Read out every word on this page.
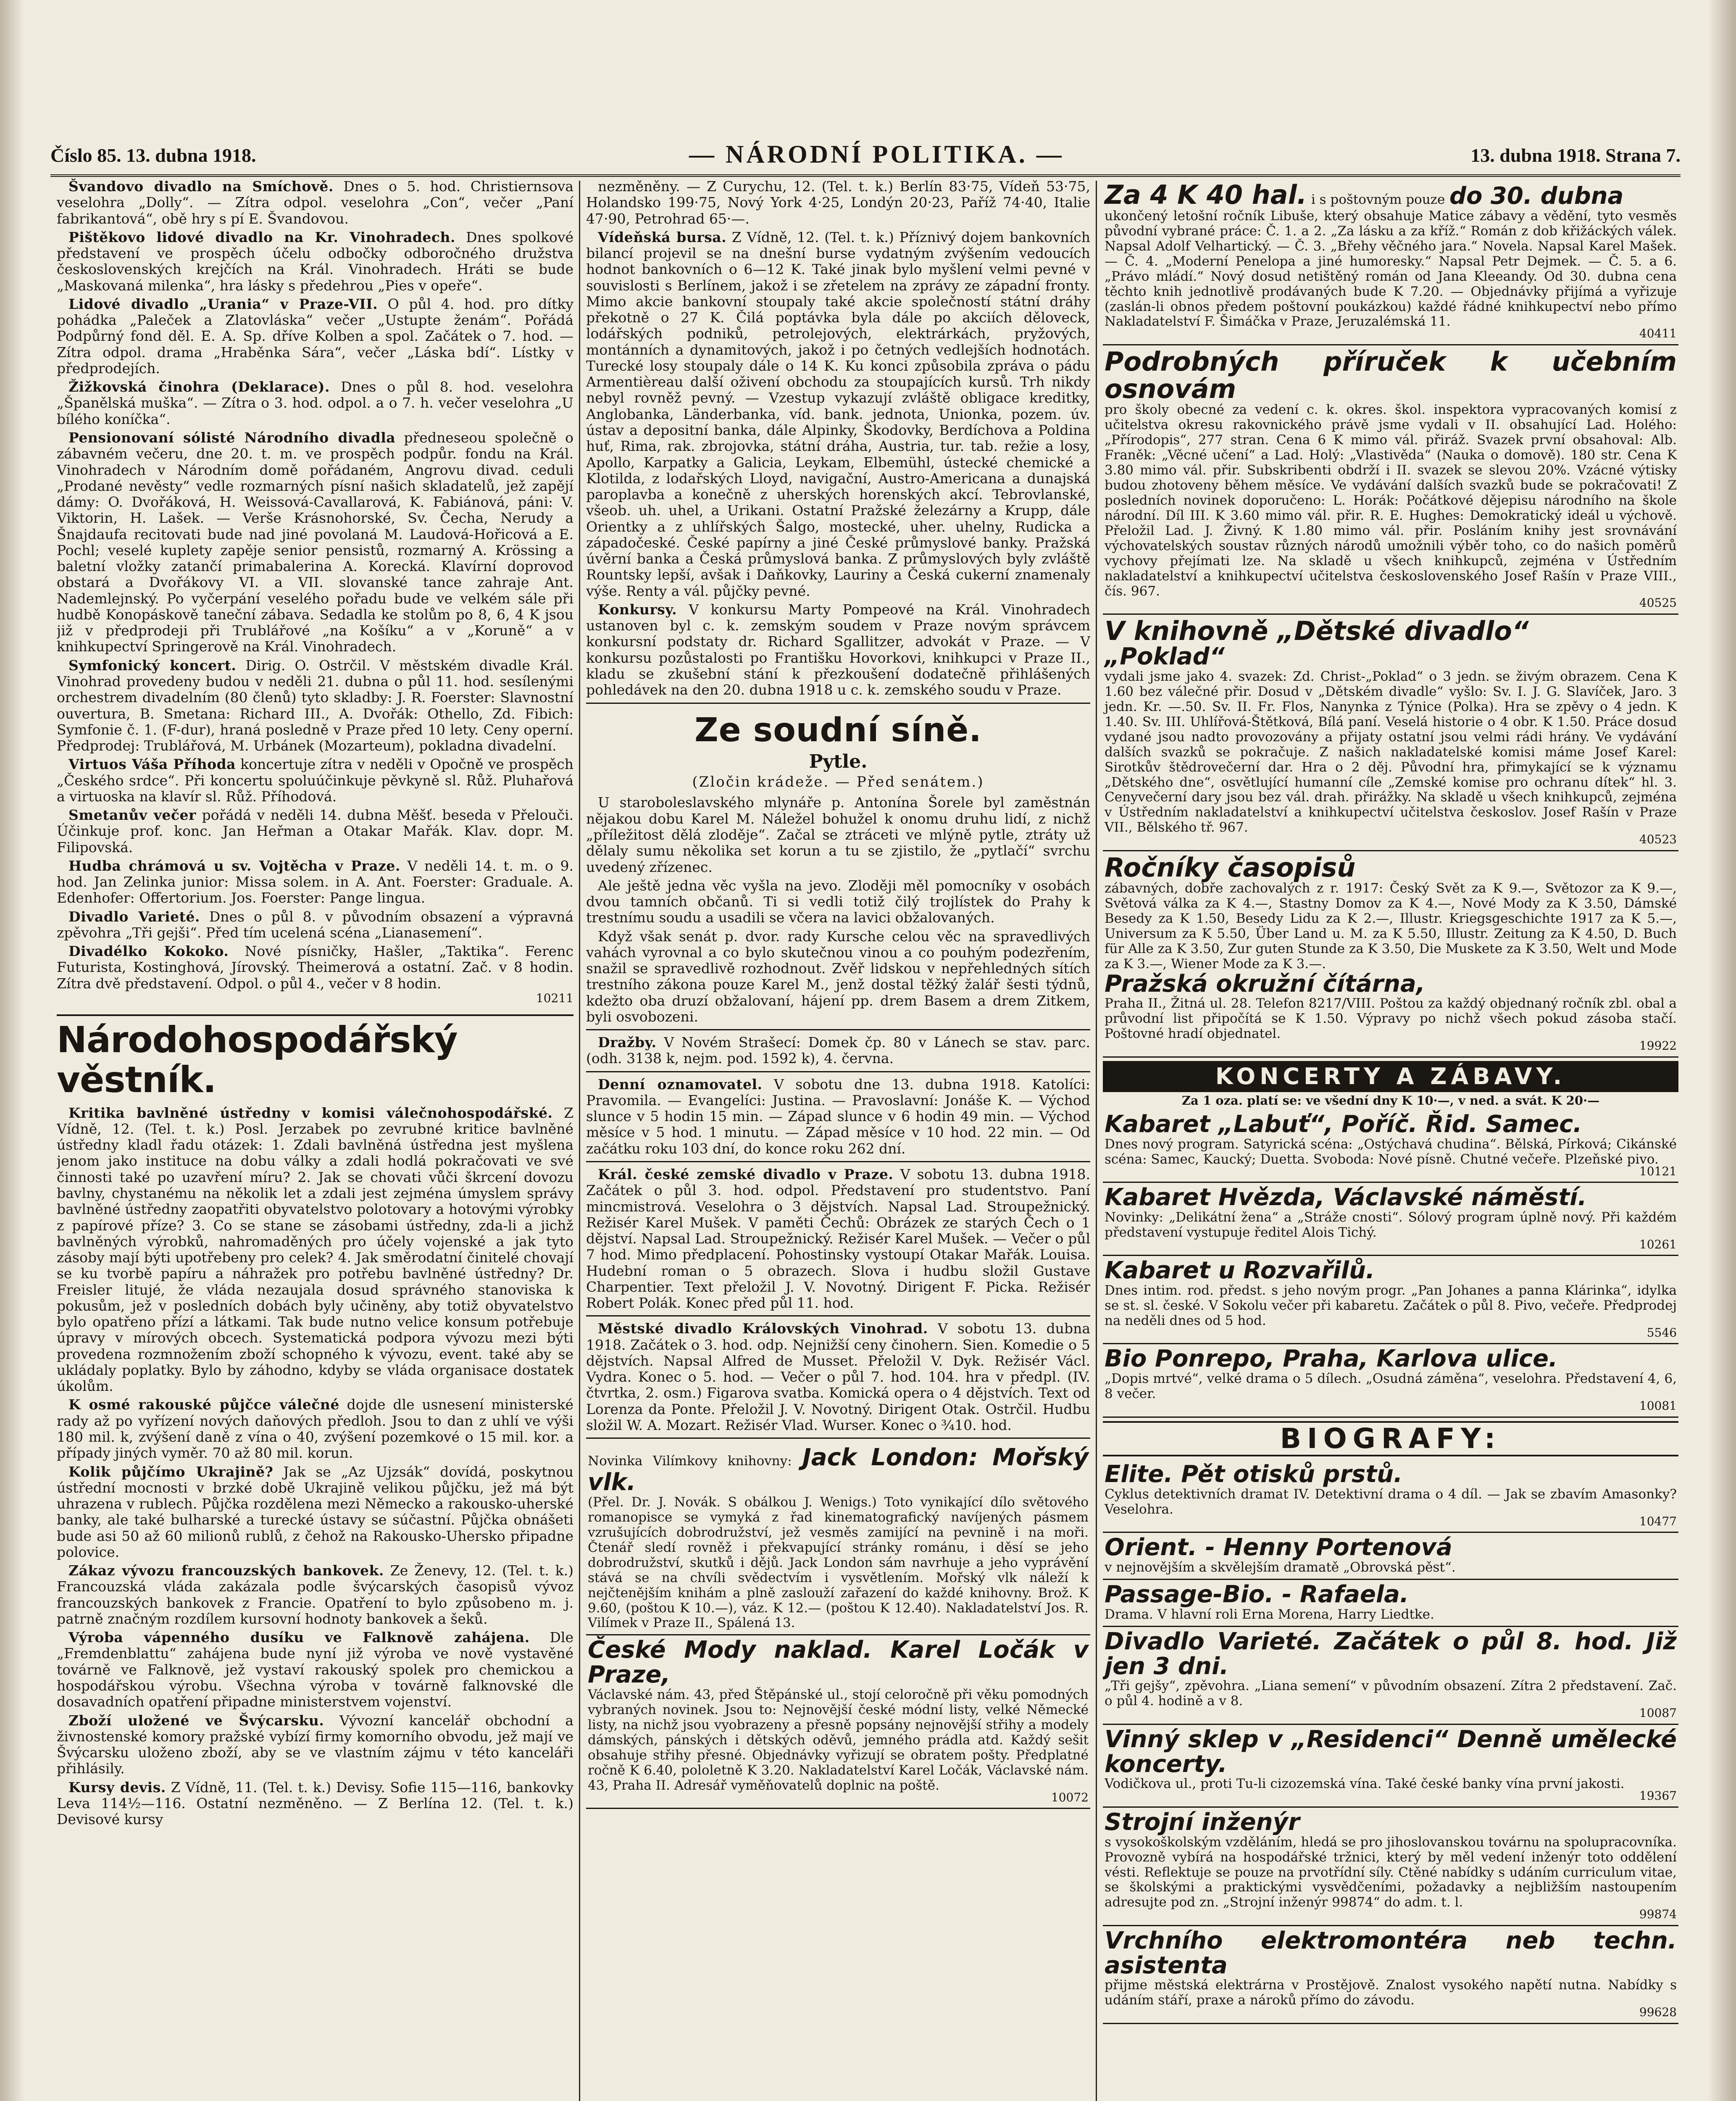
Číslo 85. 13. dubna 1918.	— NÁRODNÍ POLITIKA. —	13. dubna 1918. Strana 7.

Švandovo divadlo na Smíchově. Dnes o 5. hod. Christiernsova veselohra „Dolly“. — Zítra odpol. veselohra „Con“, večer „Paní fabrikantová“, obě hry s pí E. Švandovou.

Pištěkovo lidové divadlo na Kr. Vinohradech. Dnes spolkové představení ve prospěch účelu odbočky odboročného družstva československých krejčích na Král. Vinohradech. Hráti se bude „Maskovaná milenka“, hra lásky s předehrou „Pies v opeře“.

Lidové divadlo „Urania“ v Praze-VII. O půl 4. hod. pro dítky pohádka „Paleček a Zlatovláska“ večer „Ustupte ženám“. Pořádá Podpůrný fond děl. E. A. Sp. dříve Kolben a spol. Začátek o 7. hod. — Zítra odpol. drama „Hraběnka Sára“, večer „Láska bdí“. Lístky v předprodejích.

Žižkovská činohra (Deklarace). Dnes o půl 8. hod. veselohra „Španělská muška“. — Zítra o 3. hod. odpol. a o 7. h. večer veselohra „U bílého koníčka“.

Pensionovaní sólisté Národního divadla předneseou společně o zábavném večeru, dne 20. t. m. ve prospěch podpůr. fondu na Král. Vinohradech v Národním domě pořádaném, Angrovu divad. ceduli „Prodané nevěsty“ vedle rozmarných písní našich skladatelů, jež zapějí dámy: O. Dvořáková, H. Weissová-Cavallarová, K. Fabiánová, páni: V. Viktorin, H. Lašek. — Verše Krásnohorské, Sv. Čecha, Nerudy a Šnajdaufa recitovati bude nad jiné povolaná M. Laudová-Hořicová a E. Pochl; veselé kuplety zapěje senior pensistů, rozmarný A. Krössing a baletní vložky zatančí primabalerina A. Korecká. Klavírní doprovod obstará a Dvořákovy VI. a VII. slovanské tance zahraje Ant. Nademlejnský. Po vyčerpání veselého pořadu bude ve velkém sále při hudbě Konopáskově taneční zábava. Sedadla ke stolům po 8, 6, 4 K jsou již v předprodeji při Trublářové „na Košíku“ a v „Koruně“ a v knihkupectví Springerově na Král. Vinohradech.

Symfonický koncert. Dirig. O. Ostrčil. V městském divadle Král. Vinohrad provedeny budou v neděli 21. dubna o půl 11. hod. sesílenými orchestrem divadelním (80 členů) tyto skladby: J. R. Foerster: Slavnostní ouvertura, B. Smetana: Richard III., A. Dvořák: Othello, Zd. Fibich: Symfonie č. 1. (F-dur), hraná posledně v Praze před 10 lety. Ceny operní. Předprodej: Trublářová, M. Urbánek (Mozarteum), pokladna divadelní.

Virtuos Váša Příhoda koncertuje zítra v neděli v Opočně ve prospěch „Českého srdce“. Při koncertu spoluúčinkuje pěvkyně sl. Růž. Pluhařová a virtuoska na klavír sl. Růž. Příhodová.

Smetanův večer pořádá v neděli 14. dubna Měšť. beseda v Přelouči. Účinkuje prof. konc. Jan Heřman a Otakar Mařák. Klav. dopr. M. Filipovská.

Hudba chrámová u sv. Vojtěcha v Praze. V neděli 14. t. m. o 9. hod. Jan Zelinka junior: Missa solem. in A. Ant. Foerster: Graduale. A. Edenhofer: Offertorium. Jos. Foerster: Pange lingua.

Divadlo Varieté. Dnes o půl 8. v původním obsazení a výpravná zpěvohra „Tři gejši“. Před tím ucelená scéna „Lianasemení“.

Divadélko Kokoko. Nové písničky, Hašler, „Taktika“. Ferenc Futurista, Kostinghová, Jírovský. Theimerová a ostatní. Zač. v 8 hodin. Zítra dvě představení. Odpol. o půl 4., večer v 8 hodin.

10211
Národohospodářský věstník.

Kritika bavlněné ústředny v komisi válečnohospodářské. Z Vídně, 12. (Tel. t. k.) Posl. Jerzabek po zevrubné kritice bavlněné ústředny kladl řadu otázek: 1. Zdali bavlněná ústředna jest myšlena jenom jako instituce na dobu války a zdali hodlá pokračovati ve své činnosti také po uzavření míru? 2. Jak se chovati vůči škrcení dovozu bavlny, chystanému na několik let a zdali jest zejména úmyslem správy bavlněné ústředny zaopatřiti obyvatelstvo polotovary a hotovými výrobky z papírové příze? 3. Co se stane se zásobami ústředny, zda-li a jichž bavlněných výrobků, nahromaděných pro účely vojenské a jak tyto zásoby mají býti upotřebeny pro celek? 4. Jak směrodatní činitelé chovají se ku tvorbě papíru a náhražek pro potřebu bavlněné ústředny? Dr. Freisler litujé, že vláda nezaujala dosud správného stanoviska k pokusům, jež v posledních dobách byly učiněny, aby totiž obyvatelstvo bylo opatřeno přízí a látkami. Tak bude nutno velice konsum potřebuje úpravy v mírových obcech. Systematická podpora vývozu mezi býti provedena rozmnožením zboží schopného k vývozu, event. také aby se ukládaly poplatky. Bylo by záhodno, kdyby se vláda organisace dostatek úkolům.

K osmé rakouské půjčce válečné dojde dle usnesení ministerské rady až po vyřízení nových daňových předloh. Jsou to dan z uhlí ve výši 180 mil. k, zvýšení daně z vína o 40, zvýšení pozemkové o 15 mil. kor. a případy jiných vyměr. 70 až 80 mil. korun.

Kolik půjčímo Ukrajině? Jak se „Az Ujzsák“ dovídá, poskytnou ústřední mocnosti v brzké době Ukrajině velikou půjčku, jež má být uhrazena v rublech. Půjčka rozdělena mezi Německo a rakousko-uherské banky, ale také bulharské a turecké ústavy se súčastní. Půjčka obnášeti bude asi 50 až 60 milionů rublů, z čehož na Rakousko-Uhersko připadne polovice.

Zákaz vývozu francouzských bankovek. Ze Ženevy, 12. (Tel. t. k.) Francouzská vláda zakázala podle švýcarských časopisů vývoz francouzských bankovek z Francie. Opatření to bylo způsobeno m. j. patrně značným rozdílem kursovní hodnoty bankovek a šeků.

Výroba vápenného dusíku ve Falknově zahájena. Dle „Fremdenblattu“ zahájena bude nyní již výroba ve nově vystavěné továrně ve Falknově, jež vystaví rakouský spolek pro chemickou a hospodářskou výrobu. Všechna výroba v továrně falknovské dle dosavadních opatření připadne ministerstvem vojenství.

Zboží uložené ve Švýcarsku. Vývozní kancelář obchodní a živnostenské komory pražské vybízí firmy komorního obvodu, jež mají ve Švýcarsku uloženo zboží, aby se ve vlastním zájmu v této kanceláři přihlásily.

Kursy devis. Z Vídně, 11. (Tel. t. k.) Devisy. Sofie 115—116, bankovky Leva 114½—116. Ostatní nezměněno. — Z Berlína 12. (Tel. t. k.) Devisové kursy

nezměněny. — Z Curychu, 12. (Tel. t. k.) Berlín 83·75, Vídeň 53·75, Holandsko 199·75, Nový York 4·25, Londýn 20·23, Paříž 74·40, Italie 47·90, Petrohrad 65·—.

Vídeňská bursa. Z Vídně, 12. (Tel. t. k.) Příznivý dojem bankovních bilancí projevil se na dnešní burse vydatným zvýšením vedoucích hodnot bankovních o 6—12 K. Také jinak bylo myšlení velmi pevné v souvislosti s Berlínem, jakož i se zřetelem na zprávy ze západní fronty. Mimo akcie bankovní stoupaly také akcie společností státní dráhy překotně o 27 K. Čilá poptávka byla dále po akciích děloveck, lodářských podniků, petrolejových, elektrárkách, pryžových, montánních a dynamitových, jakož i po četných vedlejších hodnotách. Turecké losy stoupaly dále o 14 K. Ku konci způsobila zpráva o pádu Armentièreau další oživení obchodu za stoupajících kursů. Trh nikdy nebyl rovněž pevný. — Vzestup vykazují zvláště obligace kreditky, Anglobanka, Länderbanka, víd. bank. jednota, Unionka, pozem. úv. ústav a depositní banka, dále Alpinky, Škodovky, Berdíchova a Poldina huť, Rima, rak. zbrojovka, státní dráha, Austria, tur. tab. režie a losy, Apollo, Karpatky a Galicia, Leykam, Elbemühl, ústecké chemické a Klotilda, z lodařských Lloyd, navigační, Austro-Americana a dunajská paroplavba a konečně z uherských horenských akcí. Tebrovlanské, všeob. uh. uhel, a Urikani. Ostatní Pražské železárny a Krupp, dále Orientky a z uhlířských Šalgo, mostecké, uher. uhelny, Rudicka a západočeské. České papírny a jiné České průmyslové banky. Pražská úvěrní banka a Česká průmyslová banka. Z průmyslových byly zvláště Rountsky lepší, avšak i Daňkovky, Lauriny a Česká cukerní znamenaly výše. Renty a vál. půjčky pevné.

Konkursy. V konkursu Marty Pompeové na Král. Vinohradech ustanoven byl c. k. zemským soudem v Praze novým správcem konkursní podstaty dr. Richard Sgallitzer, advokát v Praze. — V konkursu pozůstalosti po Františku Hovorkovi, knihkupci v Praze II., kladu se zkušební stání k přezkoušení dodatečně přihlášených pohledávek na den 20. dubna 1918 u c. k. zemského soudu v Praze.

Ze soudní síně.
Pytle.
(Zločin krádeže. — Před senátem.)

U staroboleslavského mlynáře p. Antonína Šorele byl zaměstnán nějakou dobu Karel M. Náležel bohužel k onomu druhu lidí, z nichž „příležitost dělá zloděje“. Začal se ztráceti ve mlýně pytle, ztráty už dělaly sumu několika set korun a tu se zjistilo, že „pytlačí“ svrchu uvedený zřízenec.

Ale ještě jedna věc vyšla na jevo. Zloději měl pomocníky v osobách dvou tamních občanů. Ti si vedli totiž čilý trojlístek do Prahy k trestnímu soudu a usadili se včera na lavici obžalovaných.

Když však senát p. dvor. rady Kursche celou věc na spravedlivých vahách vyrovnal a co bylo skutečnou vinou a co pouhým podezřením, snažil se spravedlivě rozhodnout. Zvěř lidskou v nepřehledných sítích trestního zákona pouze Karel M., jenž dostal těžký žalář šesti týdnů, kdežto oba druzí obžalovaní, hájení pp. drem Basem a drem Zitkem, byli osvobozeni.

Dražby. V Novém Strašecí: Domek čp. 80 v Lánech se stav. parc. (odh. 3138 k, nejm. pod. 1592 k), 4. června.

Denní oznamovatel. V sobotu dne 13. dubna 1918. Katolíci: Pravomila. — Evangelíci: Justina. — Pravoslavní: Jonáše K. — Východ slunce v 5 hodin 15 min. — Západ slunce v 6 hodin 49 min. — Východ měsíce v 5 hod. 1 minutu. — Západ měsíce v 10 hod. 22 min. — Od začátku roku 103 dní, do konce roku 262 dní.

Král. české zemské divadlo v Praze. V sobotu 13. dubna 1918. Začátek o půl 3. hod. odpol. Představení pro studentstvo. Paní mincmistrová. Veselohra o 3 dějstvích. Napsal Lad. Stroupežnický. Režisér Karel Mušek. V paměti Čechů: Obrázek ze starých Čech o 1 dějství. Napsal Lad. Stroupežnický. Režisér Karel Mušek. — Večer o půl 7 hod. Mimo předplacení. Pohostinsky vystoupí Otakar Mařák. Louisa. Hudební roman o 5 obrazech. Slova i hudbu složil Gustave Charpentier. Text přeložil J. V. Novotný. Dirigent F. Picka. Režisér Robert Polák. Konec před půl 11. hod.

Městské divadlo Královských Vinohrad. V sobotu 13. dubna 1918. Začátek o 3. hod. odp. Nejnižší ceny činohern. Sien. Komedie o 5 dějstvích. Napsal Alfred de Musset. Přeložil V. Dyk. Režisér Václ. Vydra. Konec o 5. hod. — Večer o půl 7. hod. 104. hra v předpl. (IV. čtvrtka, 2. osm.) Figarova svatba. Komická opera o 4 dějstvích. Text od Lorenza da Ponte. Přeložil J. V. Novotný. Dirigent Otak. Ostrčil. Hudbu složil W. A. Mozart. Režisér Vlad. Wurser. Konec o ¾10. hod.

Novinka Vilímkovy knihovny: Jack London: Mořský vlk.

(Přel. Dr. J. Novák. S obálkou J. Wenigs.) Toto vynikající dílo světového romanopisce se vymyká z řad kinematografický navíjených pásmem vzrušujících dobrodružství, jež vesměs zamijící na pevnině i na moři. Čtenář sledí rovněž i překvapující stránky románu, i děsí se jeho dobrodružství, skutků i dějů. Jack London sám navrhuje a jeho vyprávění stává se na chvíli svědectvím i vysvětlením. Mořský vlk náleží k nejčtenějším knihám a plně zaslouží zařazení do každé knihovny. Brož. K 9.60, (poštou K 10.—), váz. K 12.— (poštou K 12.40). Nakladatelství Jos. R. Vilímek v Praze II., Spálená 13.

České Mody naklad. Karel Ločák v Praze,

Václavské nám. 43, před Štěpánské ul., stojí celoročně při věku pomodných vybraných novinek. Jsou to: Nejnovější české módní listy, velké Německé listy, na nichž jsou vyobrazeny a přesně popsány nejnovější střihy a modely dámských, pánských i dětských oděvů, jemného prádla atd. Každý sešit obsahuje střihy přesné. Objednávky vyřizují se obratem pošty. Předplatné ročně K 6.40, pololetně K 3.20. Nakladatelství Karel Ločák, Václavské nám. 43, Praha II. Adresář vyměňovatelů doplnic na poště.

10072

Za 4 K 40 hal. i s poštovným pouze do 30. dubna

ukončený letošní ročník Libuše, který obsahuje Matice zábavy a vědění, tyto vesměs původní vybrané práce: Č. 1. a 2. „Za lásku a za kříž.“ Román z dob křižáckých válek. Napsal Adolf Velhartický. — Č. 3. „Břehy věčného jara.“ Novela. Napsal Karel Mašek. — Č. 4. „Moderní Penelopa a jiné humoresky.“ Napsal Petr Dejmek. — Č. 5. a 6. „Právo mládí.“ Nový dosud netištěný román od Jana Kleeandy. Od 30. dubna cena těchto knih jednotlivě prodávaných bude K 7.20. — Objednávky přijímá a vyřizuje (zaslán-li obnos předem poštovní poukázkou) každé řádné knihkupectví nebo přímo Nakladatelství F. Šimáčka v Praze, Jeruzalémská 11.

40411

Podrobných příruček k učebním osnovám

pro školy obecné za vedení c. k. okres. škol. inspektora vypracovaných komisí z učitelstva okresu rakovnického právě jsme vydali v II. obsahující Lad. Holého: „Přírodopis“, 277 stran. Cena 6 K mimo vál. přiráž. Svazek první obsahoval: Alb. Franěk: „Věcné učení“ a Lad. Holý: „Vlastivěda“ (Nauka o domově). 180 str. Cena K 3.80 mimo vál. přir. Subskribenti obdrží i II. svazek se slevou 20%. Vzácné výtisky budou zhotoveny během měsíce. Ve vydávání dalších svazků bude se pokračovati! Z posledních novinek doporučeno: L. Horák: Počátkové dějepisu národního na škole národní. Díl III. K 3.60 mimo vál. přir. R. E. Hughes: Demokratický ideál u výchově. Přeložil Lad. J. Živný. K 1.80 mimo vál. přir. Posláním knihy jest srovnávání výchovatelských soustav různých národů umožnili výběr toho, co do našich poměrů vychovy přejímati lze. Na skladě u všech knihkupců, zejména v Ústředním nakladatelství a knihkupectví učitelstva československého Josef Rašín v Praze VIII., čís. 967.

40525

V knihovně „Dětské divadlo“

„Poklad“

vydali jsme jako 4. svazek: Zd. Christ-„Poklad“ o 3 jedn. se živým obrazem. Cena K 1.60 bez válečné přir. Dosud v „Dětském divadle“ vyšlo: Sv. I. J. G. Slavíček, Jaro. 3 jedn. Kr. —.50. Sv. II. Fr. Flos, Nanynka z Týnice (Polka). Hra se zpěvy o 4 jedn. K 1.40. Sv. III. Uhlířová-Štětková, Bílá paní. Veselá historie o 4 obr. K 1.50. Práce dosud vydané jsou nadto provozovány a přijaty ostatní jsou velmi rádi hrány. Ve vydávání dalších svazků se pokračuje. Z našich nakladatelské komisi máme Josef Karel: Sirotkův štědrovečerní dar. Hra o 2 děj. Původní hra, přimykající se k významu „Dětského dne“, osvětlující humanní cíle „Zemské komise pro ochranu dítek“ hl. 3. Cenyvečerní dary jsou bez vál. drah. přirážky. Na skladě u všech knihkupců, zejména v Ústředním nakladatelství a knihkupectví učitelstva českoslov. Josef Rašín v Praze VII., Bělského tř. 967.

40523

Ročníky časopisů

zábavných, dobře zachovalých z r. 1917: Český Svět za K 9.—, Světozor za K 9.—, Světová válka za K 4.—, Stastny Domov za K 4.—, Nové Mody za K 3.50, Dámské Besedy za K 1.50, Besedy Lidu za K 2.—, Illustr. Kriegsgeschichte 1917 za K 5.—, Universum za K 5.50, Über Land u. M. za K 5.50, Illustr. Zeitung za K 4.50, D. Buch für Alle za K 3.50, Zur guten Stunde za K 3.50, Die Muskete za K 3.50, Welt und Mode za K 3.—, Wiener Mode za K 3.—.

Pražská okružní čítárna,

Praha II., Žitná ul. 28. Telefon 8217/VIII. Poštou za každý objednaný ročník zbl. obal a průvodní list připočítá se K 1.50. Výpravy po nichž všech pokud zásoba stačí. Poštovné hradí objednatel.

19922
KONCERTY A ZÁBAVY.
Za 1 oza. platí se: ve všední dny K 10·—, v ned. a svát. K 20·—

Kabaret „Labuť“, Poříč. Řid. Samec.

Dnes nový program. Satyrická scéna: „Ostýchavá chudina“. Bělská, Pírková; Cikánské scéna: Samec, Kaucký; Duetta. Svoboda: Nové písně. Chutné večeře. Plzeňské pivo.

10121

Kabaret Hvězda, Václavské náměstí.

Novinky: „Delikátní žena“ a „Stráže cnosti“. Sólový program úplně nový. Při každém představení vystupuje ředitel Alois Tichý.

10261

Kabaret u Rozvařilů.

Dnes intim. rod. předst. s jeho novým progr. „Pan Johanes a panna Klárinka“, idylka se st. sl. české. V Sokolu večer při kabaretu. Začátek o půl 8. Pivo, večeře. Předprodej na neděli dnes od 5 hod.

5546

Bio Ponrepo, Praha, Karlova ulice.

„Dopis mrtvé“, velké drama o 5 dílech. „Osudná záměna“, veselohra. Představení 4, 6, 8 večer.

10081
BIOGRAFY:

Elite. Pět otisků prstů.

Cyklus detektivních dramat IV. Detektivní drama o 4 díl. — Jak se zbavím Amasonky? Veselohra.

10477

Orient. - Henny Portenová

v nejnovějším a skvělejším dramatě „Obrovská pěst“.

Passage-Bio. - Rafaela.

Drama. V hlavní roli Erna Morena, Harry Liedtke.

Divadlo Varieté. Začátek o půl 8. hod. Již jen 3 dni.

„Tři gejšy“, zpěvohra. „Liana semení“ v původním obsazení. Zítra 2 představení. Zač. o půl 4. hodině a v 8.

10087

Vinný sklep v „Residenci“ Denně umělecké koncerty.

Vodičkova ul., proti Tu-li cizozemská vína. Také české banky vína první jakosti.

19367

Strojní inženýr

s vysokoškolským vzděláním, hledá se pro jihoslovanskou továrnu na spolupracovníka. Provozně vybírá na hospodářské tržnici, který by měl vedení inženýr toto oddělení vésti. Reflektuje se pouze na prvotřídní síly. Ctěné nabídky s udáním curriculum vitae, se školskými a praktickými vysvědčeními, požadavky a nejbližším nastoupením adresujte pod zn. „Strojní inženýr 99874“ do adm. t. l.

99874

Vrchního elektromontéra neb techn. asistenta

přijme městská elektrárna v Prostějově. Znalost vysokého napětí nutna. Nabídky s udáním stáří, praxe a nároků přímo do závodu.

99628
